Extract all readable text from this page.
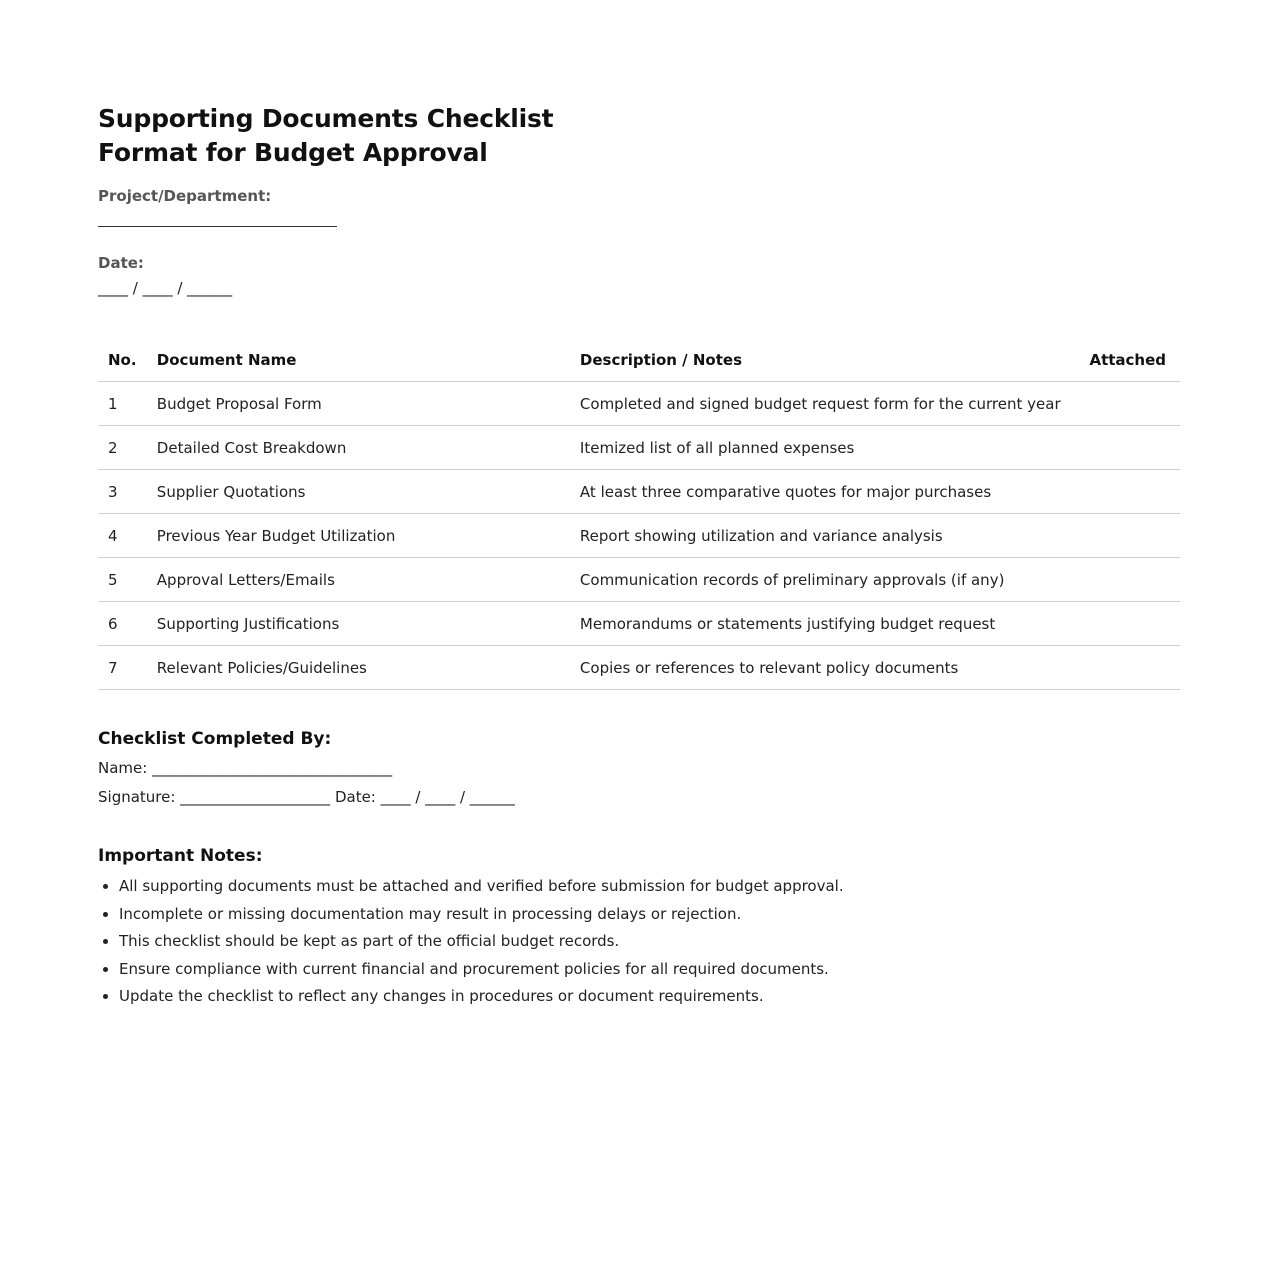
Supporting Documents Checklist Format for Budget Approval
Project/Department:
Date:
____ / ____ / ______
No.	Document Name	Description / Notes	Attached
1	Budget Proposal Form	Completed and signed budget request form for the current year	
2	Detailed Cost Breakdown	Itemized list of all planned expenses	
3	Supplier Quotations	At least three comparative quotes for major purchases	
4	Previous Year Budget Utilization	Report showing utilization and variance analysis	
5	Approval Letters/Emails	Communication records of preliminary approvals (if any)	
6	Supporting Justifications	Memorandums or statements justifying budget request	
7	Relevant Policies/Guidelines	Copies or references to relevant policy documents	
Checklist Completed By:
Name: ________________________________
Signature: ____________________ Date: ____ / ____ / ______
Important Notes:
• All supporting documents must be attached and verified before submission for budget approval.
• Incomplete or missing documentation may result in processing delays or rejection.
• This checklist should be kept as part of the official budget records.
• Ensure compliance with current financial and procurement policies for all required documents.
• Update the checklist to reflect any changes in procedures or document requirements.
